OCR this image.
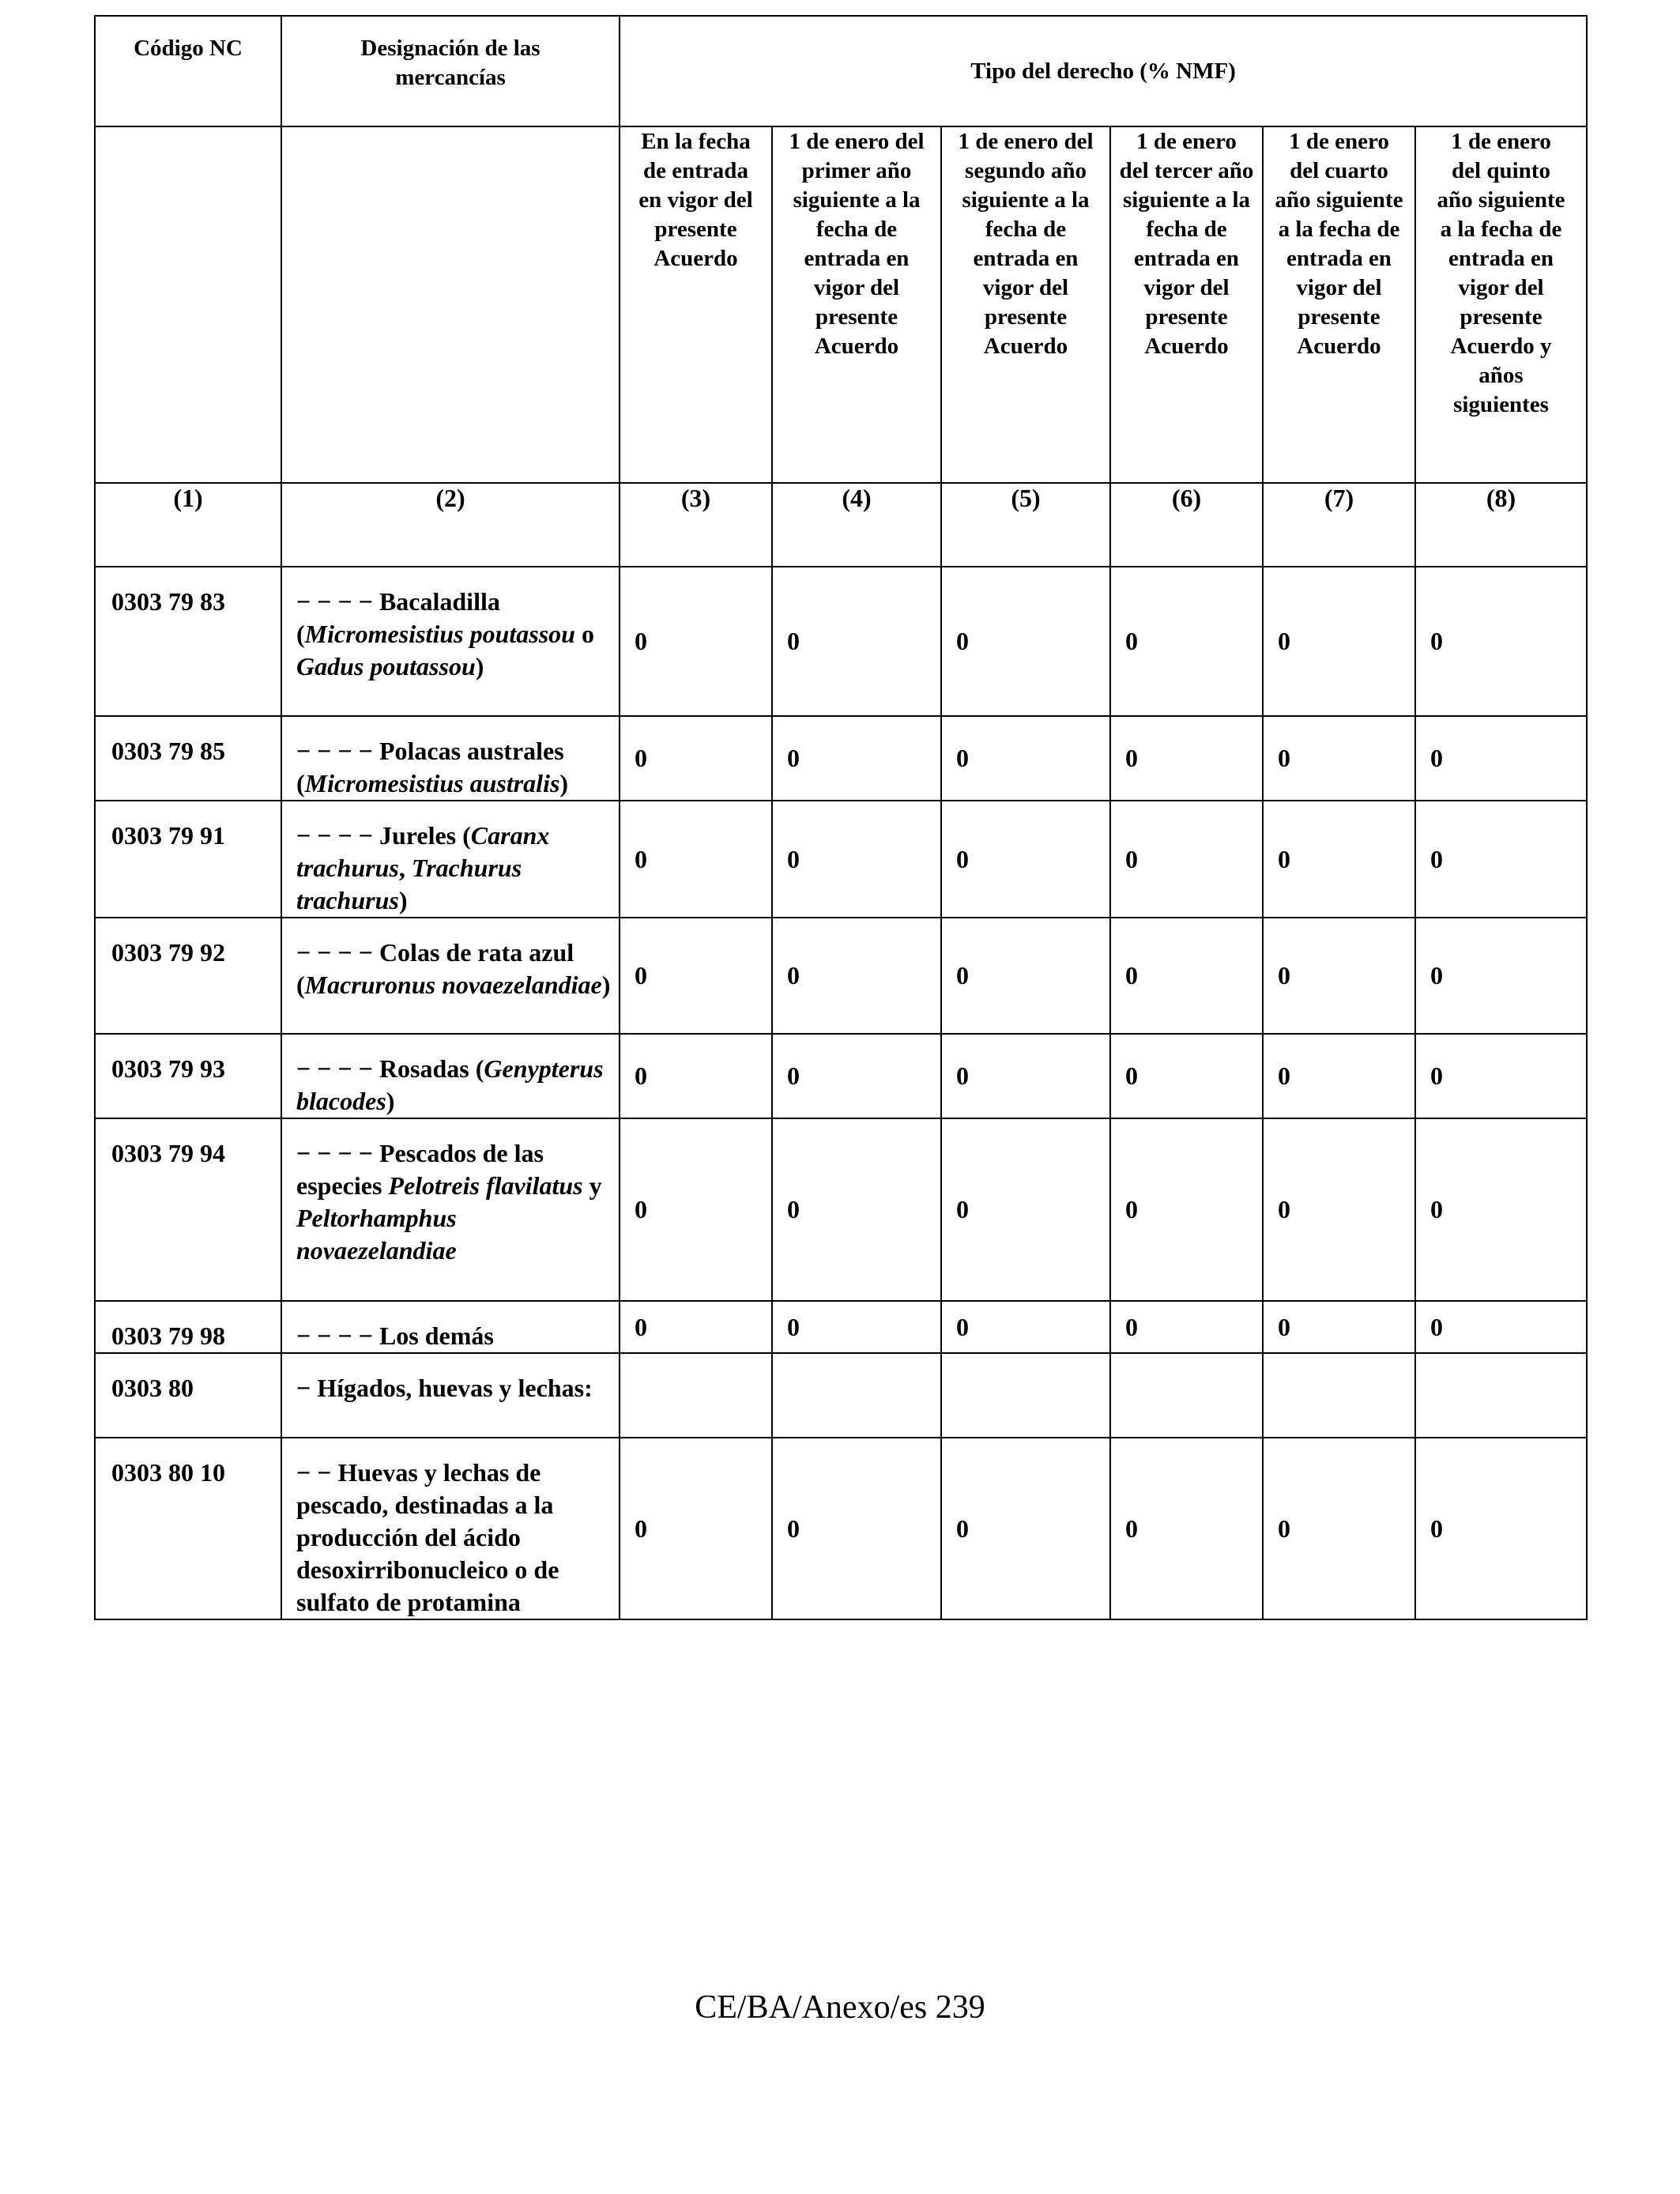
Código NC	Designación de las mercancías	Tipo del derecho (% NMF)					

		En la fecha de entrada en vigor del presente Acuerdo	1 de enero del primer año siguiente a la fecha de entrada en vigor del presente Acuerdo	1 de enero del segundo año siguiente a la fecha de entrada en vigor del presente Acuerdo	1 de enero del tercer año siguiente a la fecha de entrada en vigor del presente Acuerdo	1 de enero del cuarto año siguiente a la fecha de entrada en vigor del presente Acuerdo	1 de enero del quinto año siguiente a la fecha de entrada en vigor del presente Acuerdo y años siguientes

(1)	(2)	(3)	(4)	(5)	(6)	(7)	(8)
0303 79 83	− − − − Bacaladilla (Micromesistius poutassou o Gadus poutassou)	0	0	0	0	0	0
0303 79 85	− − − − Polacas australes (Micromesistius australis)	0	0	0	0	0	0
0303 79 91	− − − − Jureles (Caranx trachurus, Trachurus trachurus)	0	0	0	0	0	0
0303 79 92	− − − − Colas de rata azul (Macruronus novaezelandiae)	0	0	0	0	0	0
0303 79 93	− − − − Rosadas (Genypterus blacodes)	0	0	0	0	0	0
0303 79 94	− − − − Pescados de las especies Pelotreis flavilatus y Peltorhamphus novaezelandiae	0	0	0	0	0	0
0303 79 98	− − − − Los demás	0	0	0	0	0	0
0303 80	− Hígados, huevas y lechas:						
0303 80 10	− − Huevas y lechas de pescado, destinadas a la producción del ácido desoxirribonucleico o de sulfato de protamina	0	0	0	0	0	0
CE/BA/Anexo/es 239
